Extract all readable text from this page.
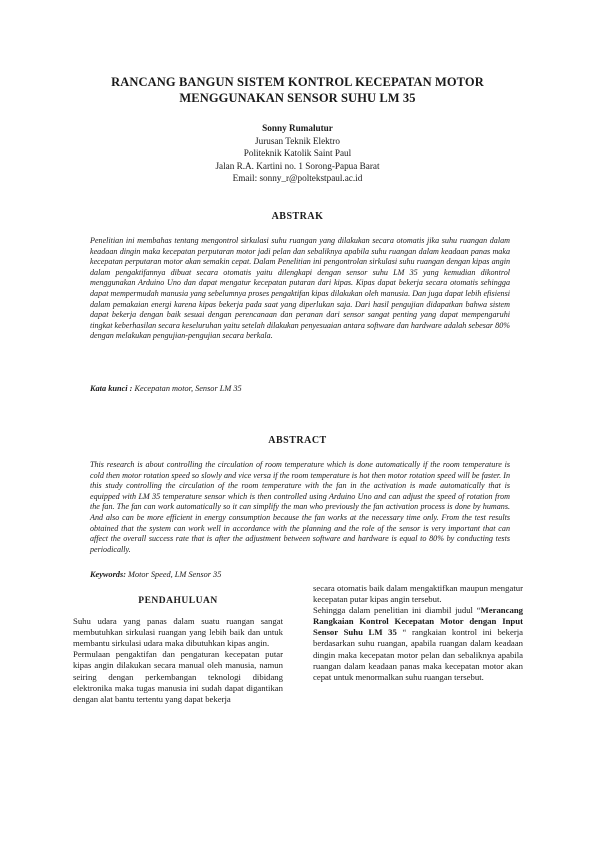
RANCANG BANGUN SISTEM KONTROL KECEPATAN MOTOR
MENGGUNAKAN SENSOR SUHU LM 35
Sonny Rumalutur
Jurusan Teknik Elektro
Politeknik Katolik Saint Paul
Jalan R.A. Kartini no. 1 Sorong-Papua Barat
Email: sonny_r@poltekstpaul.ac.id
ABSTRAK
Penelitian ini membahas tentang mengontrol sirkulasi suhu ruangan yang dilakukan secara otomatis jika suhu ruangan dalam keadaan dingin maka kecepatan perputaran motor jadi pelan dan sebaliknya apabila suhu ruangan dalam keadaan panas maka kecepatan perputaran motor akan semakin cepat. Dalam Penelitian ini pengontrolan sirkulasi suhu ruangan dengan kipas angin dalam pengaktifannya dibuat secara otomatis yaitu dilengkapi dengan sensor suhu LM 35 yang kemudian dikontrol menggunakan Arduino Uno dan dapat mengatur kecepatan putaran dari kipas. Kipas dapat bekerja secara otomatis sehingga dapat mempermudah manusia yang sebelumnya proses pengaktifan kipas dilakukan oleh manusia. Dan juga dapat lebih efisiensi dalam pemakaian energi karena kipas bekerja pada saat yang diperlukan saja. Dari hasil pengujian didapatkan bahwa sistem dapat bekerja dengan baik sesuai dengan perencanaan dan peranan dari sensor sangat penting yang dapat mempengaruhi tingkat keberhasilan secara keseluruhan yaitu setelah dilakukan penyesuaian antara software dan hardware adalah sebesar 80% dengan melakukan pengujian-pengujian secara berkala.
Kata kunci : Kecepatan motor, Sensor LM 35
ABSTRACT
This research is about controlling the circulation of room temperature which is done automatically if the room temperature is cold then motor rotation speed so slowly and vice versa if the room temperature is hot then motor rotation speed will be faster. In this study controlling the circulation of the room temperature with the fan in the activation is made automatically that is equipped with LM 35 temperature sensor which is then controlled using Arduino Uno and can adjust the speed of rotation from the fan. The fan can work automatically so it can simplify the man who previously the fan activation process is done by humans. And also can be more efficient in energy consumption because the fan works at the necessary time only. From the test results obtained that the system can work well in accordance with the planning and the role of the sensor is very important that can affect the overall success rate that is after the adjustment between software and hardware is equal to 80% by conducting tests periodically.
Keywords: Motor Speed, LM Sensor 35

PENDAHULUAN

Suhu udara yang panas dalam suatu ruangan sangat membutuhkan sirkulasi ruangan yang lebih baik dan untuk membantu sirkulasi udara maka dibutuhkan kipas angin.

Permulaan pengaktifan dan pengaturan kecepatan putar kipas angin dilakukan secara manual oleh manusia, namun seiring dengan perkembangan teknologi dibidang elektronika maka tugas manusia ini sudah dapat digantikan dengan alat bantu tertentu yang dapat bekerja

secara otomatis baik dalam mengaktifkan maupun mengatur kecepatan putar kipas angin tersebut.

Sehingga dalam penelitian ini diambil judul “Merancang Rangkaian Kontrol Kecepatan Motor dengan Input Sensor Suhu LM 35 “ rangkaian kontrol ini bekerja berdasarkan suhu ruangan, apabila ruangan dalam keadaan dingin maka kecepatan motor pelan dan sebaliknya apabila ruangan dalam keadaan panas maka kecepatan motor akan cepat untuk menormalkan suhu ruangan tersebut.
